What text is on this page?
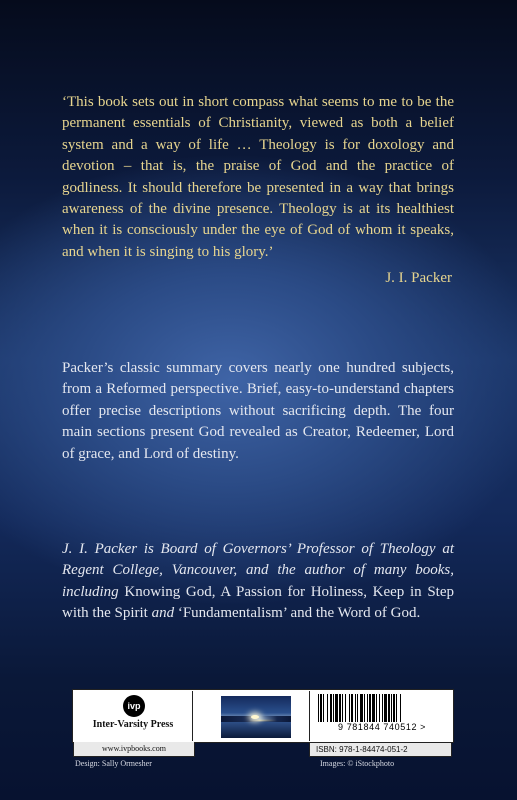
‘This book sets out in short compass what seems to me to be the permanent essentials of Christianity, viewed as both a belief system and a way of life … Theology is for doxology and devotion – that is, the praise of God and the practice of godliness. It should therefore be presented in a way that brings awareness of the divine presence. Theology is at its healthiest when it is consciously under the eye of God of whom it speaks, and when it is singing to his glory.’

J. I. Packer

Packer’s classic summary covers nearly one hundred subjects, from a Reformed perspective. Brief, easy-to-understand chapters offer precise descriptions without sacrificing depth. The four main sections present God revealed as Creator, Redeemer, Lord of grace, and Lord of destiny.

J. I. Packer is Board of Governors’ Professor of Theology at Regent College, Vancouver, and the author of many books, including Knowing God, A Passion for Holiness, Keep in Step with the Spirit and ‘Fundamentalism’ and the Word of God.

ivp
Inter-Varsity Press
www.ivpbooks.com
9 781844 740512 >
ISBN: 978-1-84474-051-2
Design: Sally Ormesher	Images: © iStockphoto
